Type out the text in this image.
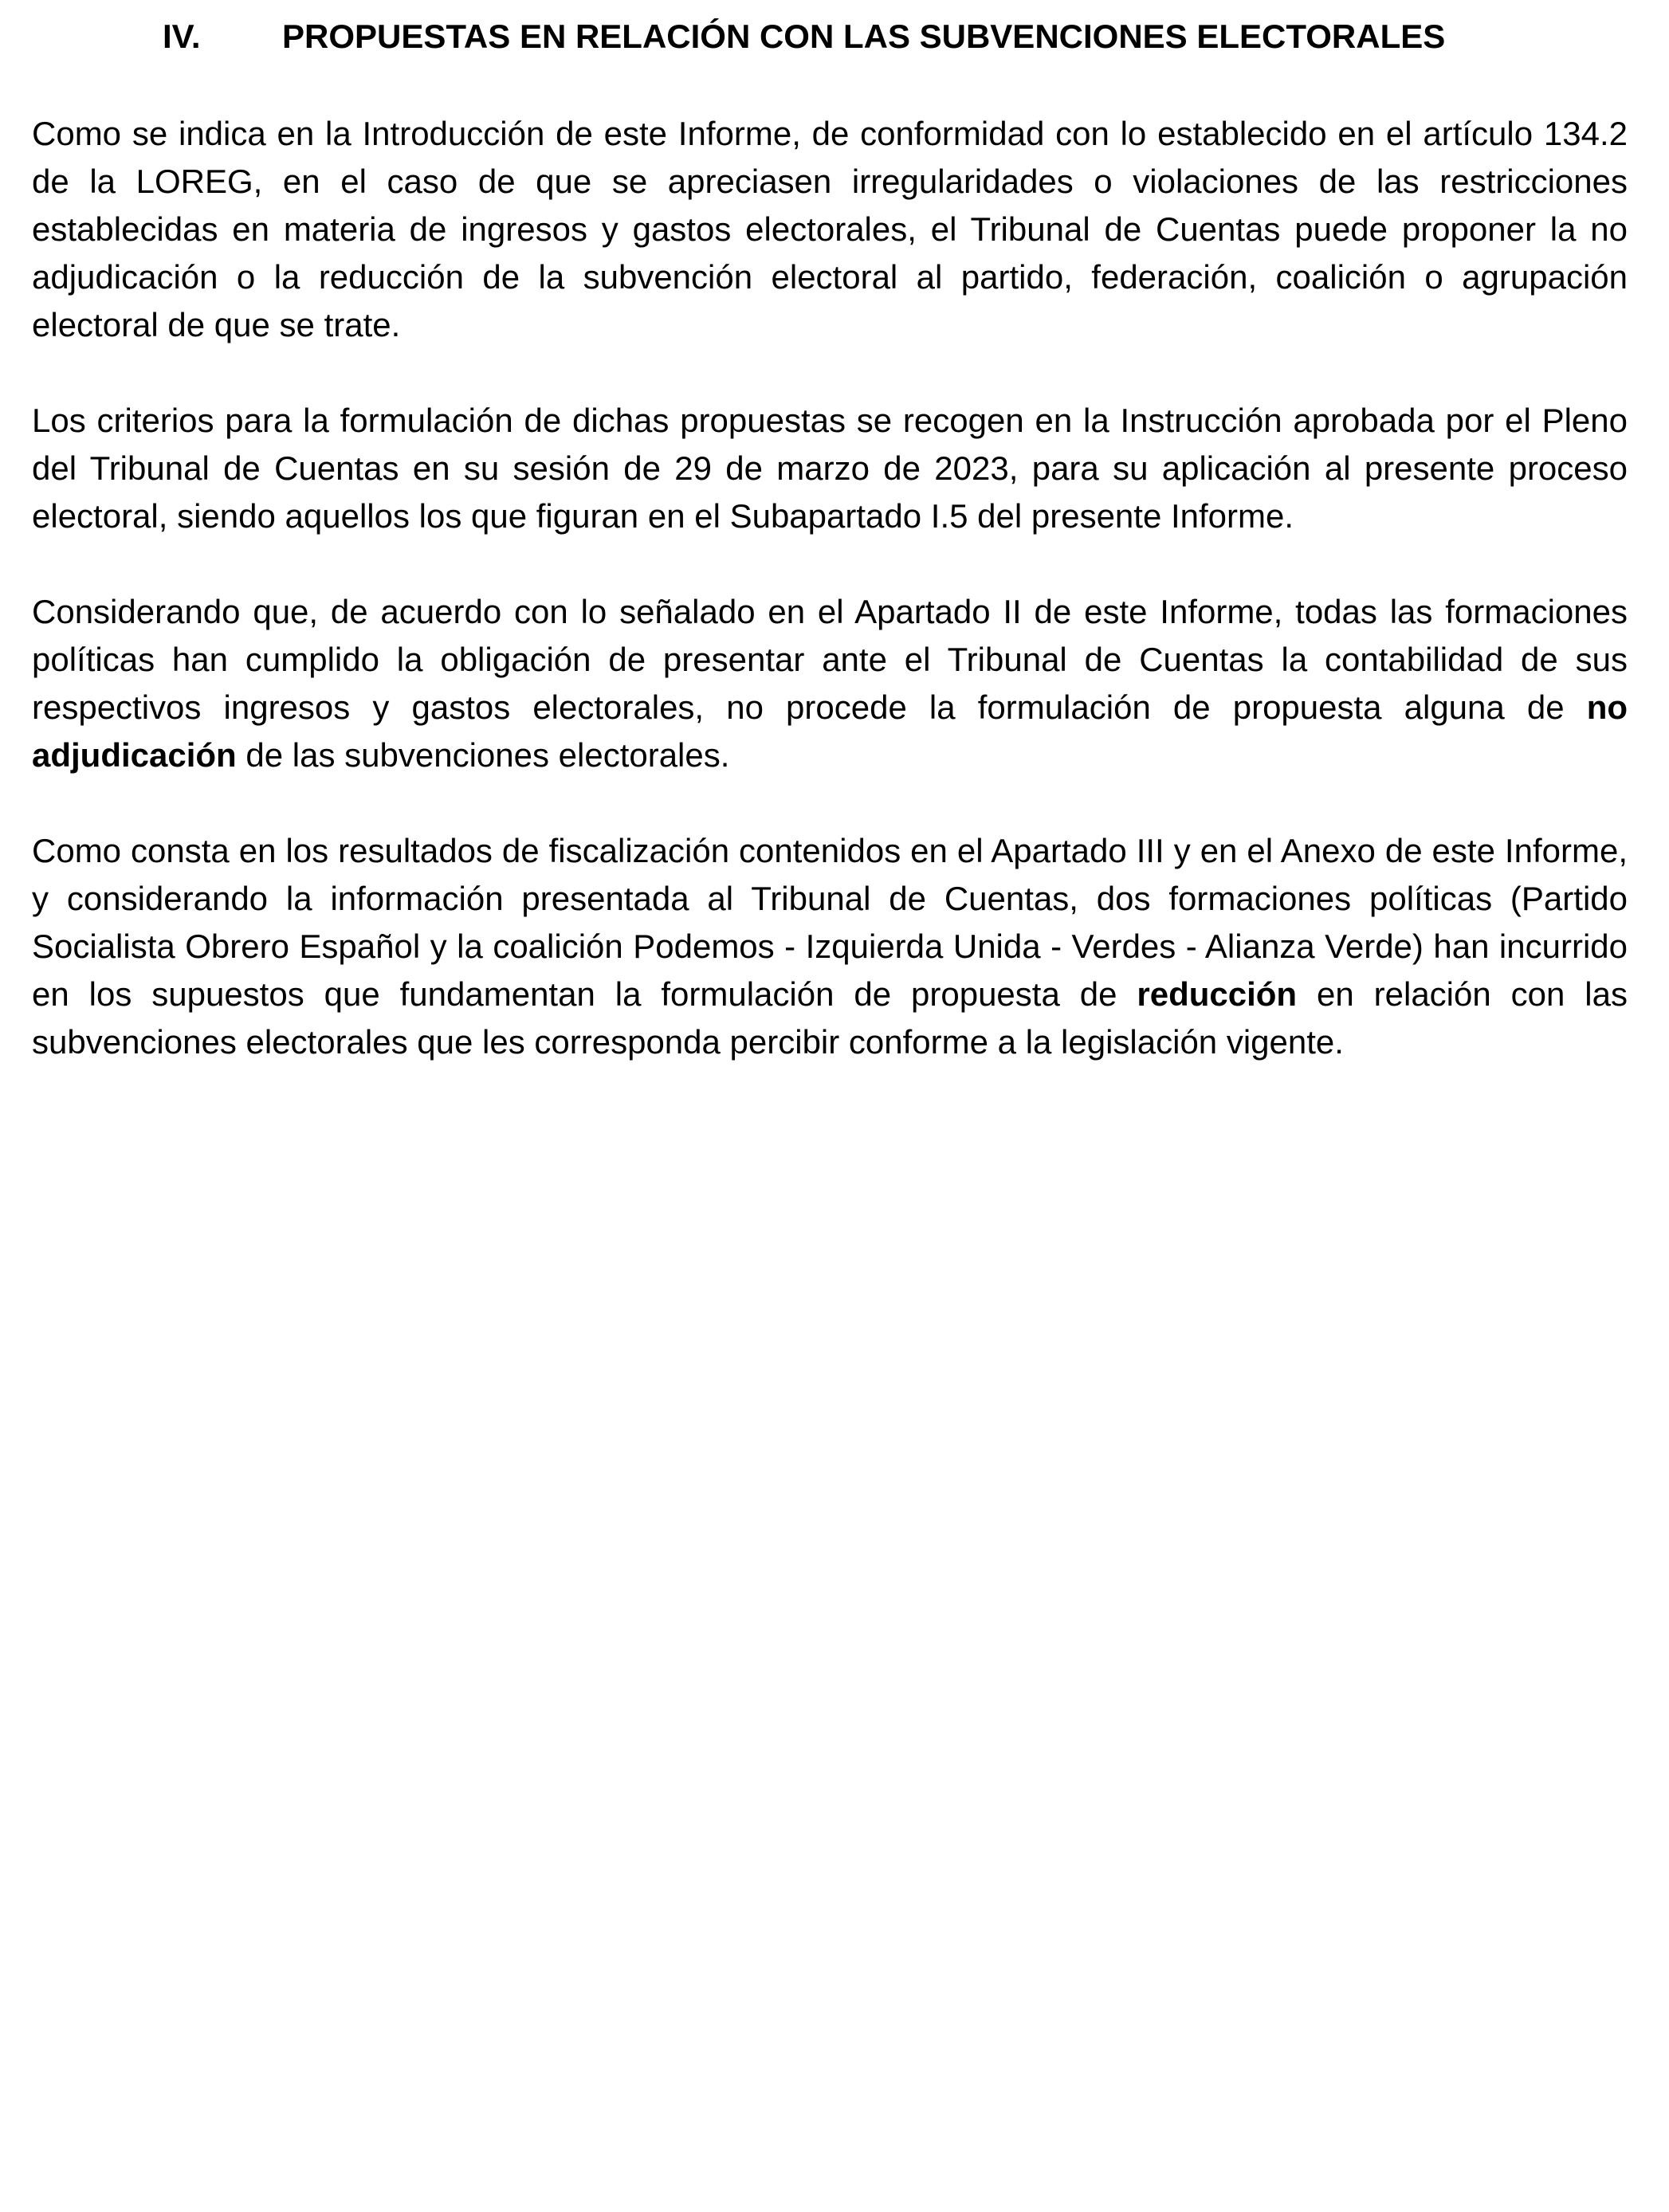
IV. PROPUESTAS EN RELACIÓN CON LAS SUBVENCIONES ELECTORALES

Como se indica en la Introducción de este Informe, de conformidad con lo establecido en el artículo 134.2 de la LOREG, en el caso de que se apreciasen irregularidades o violaciones de las restricciones establecidas en materia de ingresos y gastos electorales, el Tribunal de Cuentas puede proponer la no adjudicación o la reducción de la subvención electoral al partido, federación, coalición o agrupación electoral de que se trate.

Los criterios para la formulación de dichas propuestas se recogen en la Instrucción aprobada por el Pleno del Tribunal de Cuentas en su sesión de 29 de marzo de 2023, para su aplicación al presente proceso electoral, siendo aquellos los que figuran en el Subapartado I.5 del presente Informe.

Considerando que, de acuerdo con lo señalado en el Apartado II de este Informe, todas las formaciones políticas han cumplido la obligación de presentar ante el Tribunal de Cuentas la contabilidad de sus respectivos ingresos y gastos electorales, no procede la formulación de propuesta alguna de no adjudicación de las subvenciones electorales.

Como consta en los resultados de fiscalización contenidos en el Apartado III y en el Anexo de este Informe, y considerando la información presentada al Tribunal de Cuentas, dos formaciones políticas (Partido Socialista Obrero Español y la coalición Podemos - Izquierda Unida - Verdes - Alianza Verde) han incurrido en los supuestos que fundamentan la formulación de propuesta de reducción en relación con las subvenciones electorales que les corresponda percibir conforme a la legislación vigente.
